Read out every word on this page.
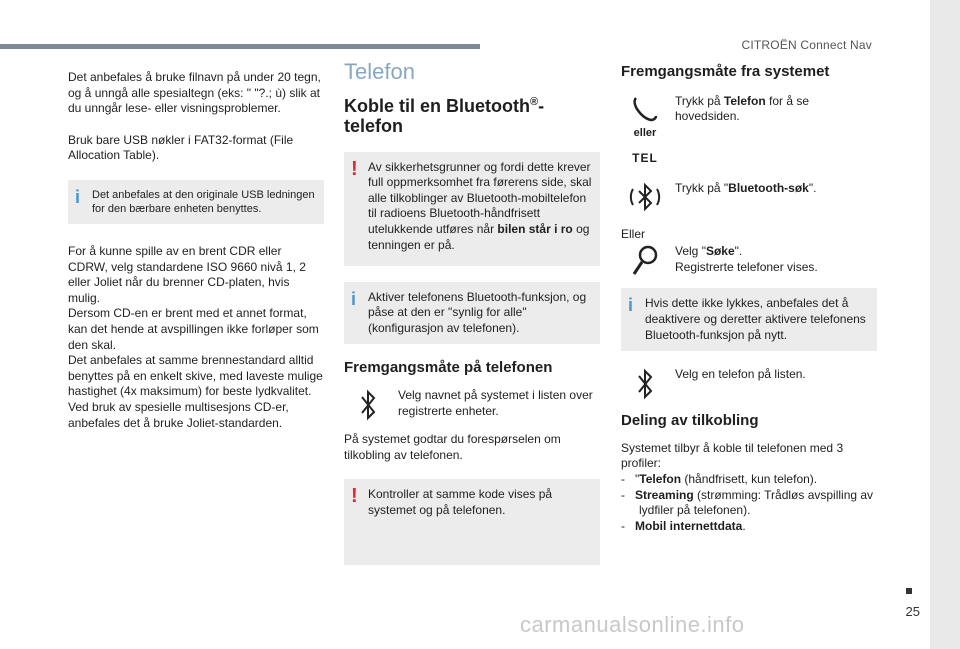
CITROËN Connect Nav
25
carmanualsonline.info

Det anbefales å bruke filnavn på under 20 tegn, og å unngå alle spesialtegn (eks: " "?.; ù) slik at du unngår lese- eller visningsproblemer.

Bruk bare USB nøkler i FAT32-format (File Allocation Table).

i Det anbefales at den originale USB ledningen for den bærbare enheten benyttes.
For å kunne spille av en brent CDR eller CDRW, velg standardene ISO 9660 nivå 1, 2 eller Joliet når du brenner CD-platen, hvis mulig.
Dersom CD-en er brent med et annet format, kan det hende at avspillingen ikke forløper som den skal.
Det anbefales at samme brennestandard alltid benyttes på en enkelt skive, med laveste mulige hastighet (4x maksimum) for beste lydkvalitet.
Ved bruk av spesielle multisesjons CD-er, anbefales det å bruke Joliet-standarden.
Telefon
Koble til en Bluetooth®-telefon
! Av sikkerhetsgrunner og fordi dette krever full oppmerksomhet fra førerens side, skal alle tilkoblinger av Bluetooth-mobiltelefon til radioens Bluetooth-håndfrisett utelukkende utføres når bilen står i ro og tenningen er på.
i Aktiver telefonens Bluetooth-funksjon, og påse at den er "synlig for alle" (konfigurasjon av telefonen).
Fremgangsmåte på telefonen
Velg navnet på systemet i listen over registrerte enheter.

På systemet godtar du forespørselen om tilkobling av telefonen.

! Kontroller at samme kode vises på systemet og på telefonen.
Fremgangsmåte fra systemet
eller
TEL
Trykk på Telefon for å se hovedsiden.
Trykk på "Bluetooth-søk".
Eller
Velg "Søke".
Registrerte telefoner vises.
i Hvis dette ikke lykkes, anbefales det å deaktivere og deretter aktivere telefonens Bluetooth-funksjon på nytt.
Velg en telefon på listen.
Deling av tilkobling
Systemet tilbyr å koble til telefonen med 3 profiler:
-   "Telefon (håndfrisett, kun telefon).
-   Streaming (strømming: Trådløs avspilling av lydfiler på telefonen).
-   Mobil internettdata.
